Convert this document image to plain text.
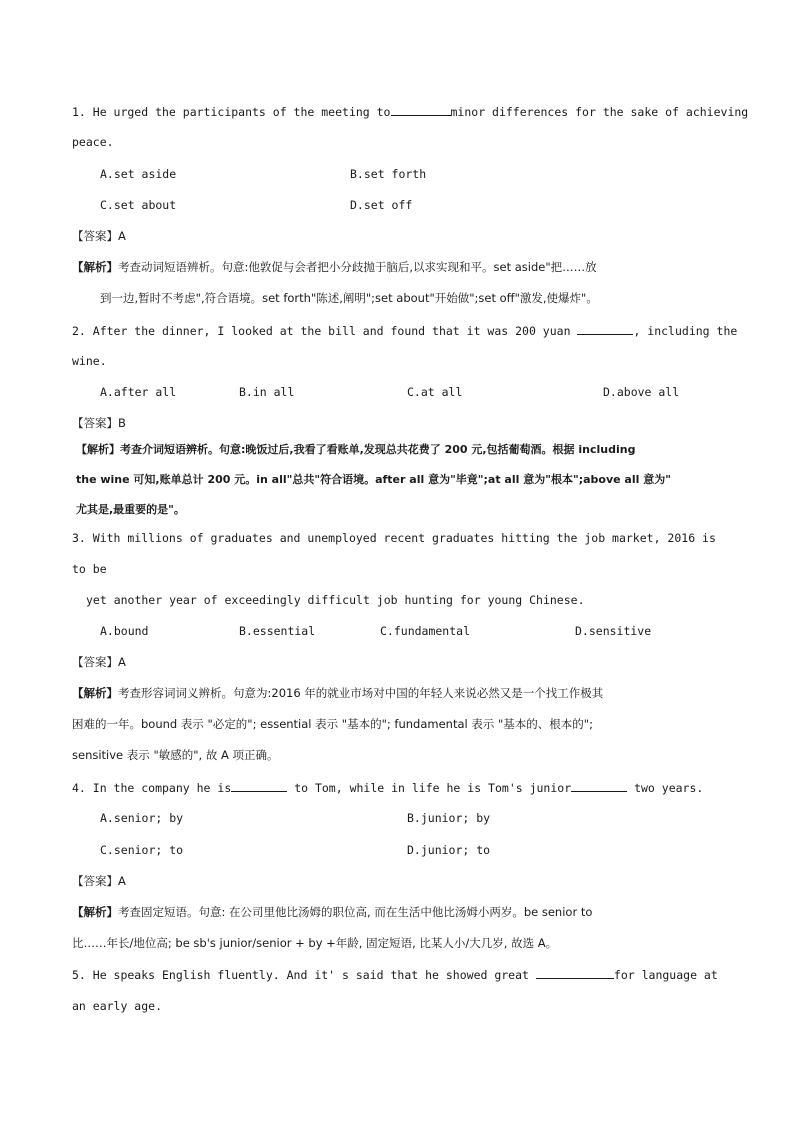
1. He urged the participants of the meeting to	minor differences for the sake of achieving
peace.
A.set aside	B.set forth
C.set about	D.set off
【答案】A
【解析】考查动词短语辨析。句意:他敦促与会者把小分歧抛于脑后,以求实现和平。set aside"把……放
到一边,暂时不考虑",符合语境。set forth"陈述,阐明";set about"开始做";set off"激发,使爆炸"。
2. After the dinner, I looked at the bill and found that it was 200 yuan	, including the
wine.
A.after all	B.in all	C.at all	D.above all
【答案】B
【解析】考查介词短语辨析。句意:晚饭过后,我看了看账单,发现总共花费了 200 元,包括葡萄酒。根据 including
the wine 可知,账单总计 200 元。in all"总共"符合语境。after all 意为"毕竟";at all 意为"根本";above all 意为"
尤其是,最重要的是"。
3. With millions of graduates and unemployed recent graduates hitting the job market, 2016 is
to be
yet another year of exceedingly difficult job hunting for young Chinese.
A.bound	B.essential	C.fundamental	D.sensitive
【答案】A
【解析】考查形容词词义辨析。句意为:2016 年的就业市场对中国的年轻人来说必然又是一个找工作极其
困难的一年。bound 表示 "必定的"; essential 表示 "基本的"; fundamental 表示 "基本的、根本的";
sensitive 表示 "敏感的", 故 A 项正确。
4. In the company he is	to Tom, while in life he is Tom's junior	two years.
A.senior; by	B.junior; by
C.senior; to	D.junior; to
【答案】A
【解析】考查固定短语。句意: 在公司里他比汤姆的职位高, 而在生活中他比汤姆小两岁。be senior to
比……年长/地位高; be sb's junior/senior + by +年龄, 固定短语, 比某人小/大几岁, 故选 A。
5. He speaks English fluently. And it' s said that he showed great	for language at
an early age.
